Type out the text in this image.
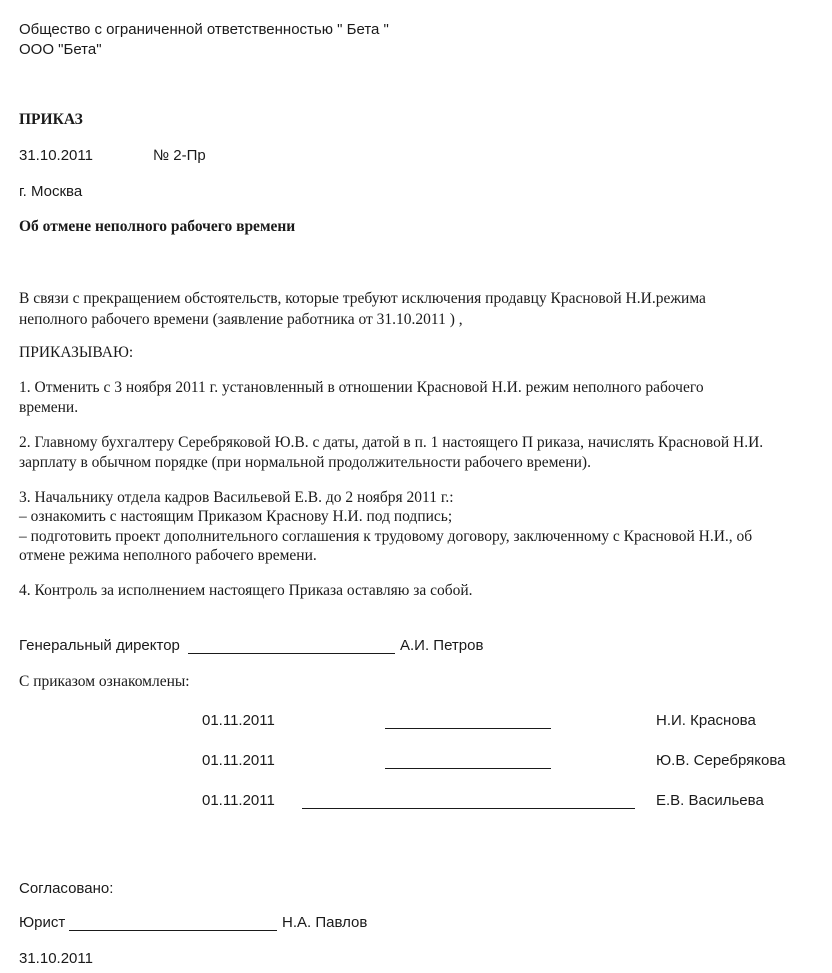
Общество с ограниченной ответственностью " Бета "
ООО "Бета"
ПРИКАЗ
31.10.2011	№ 2-Пр
г. Москва
Об отмене неполного рабочего времени
В связи с прекращением обстоятельств, которые требуют исключения продавцу Красновой Н.И.режима
неполного рабочего времени (заявление работника от 31.10.2011 ) ,
ПРИКАЗЫВАЮ:
1. Отменить с 3 ноября 2011 г. установленный в отношении Красновой Н.И. режим неполного рабочего
времени.
2. Главному бухгалтеру Серебряковой Ю.В. с даты, датой в п. 1 настоящего П риказа, начислять Красновой Н.И.
зарплату в обычном порядке (при нормальной продолжительности рабочего времени).
3. Начальнику отдела кадров Васильевой Е.В. до 2 ноября 2011 г.:
– ознакомить с настоящим Приказом Краснову Н.И. под подпись;
– подготовить проект дополнительного соглашения к трудовому договору, заключенному с Красновой Н.И., об
отмене режима неполного рабочего времени.
4. Контроль за исполнением настоящего Приказа оставляю за собой.
Генеральный директор	А.И. Петров
С приказом ознакомлены:
01.11.2011	Н.И. Краснова
01.11.2011	Ю.В. Серебрякова
01.11.2011	Е.В. Васильева
Согласовано:
Юрист	Н.А. Павлов
31.10.2011
